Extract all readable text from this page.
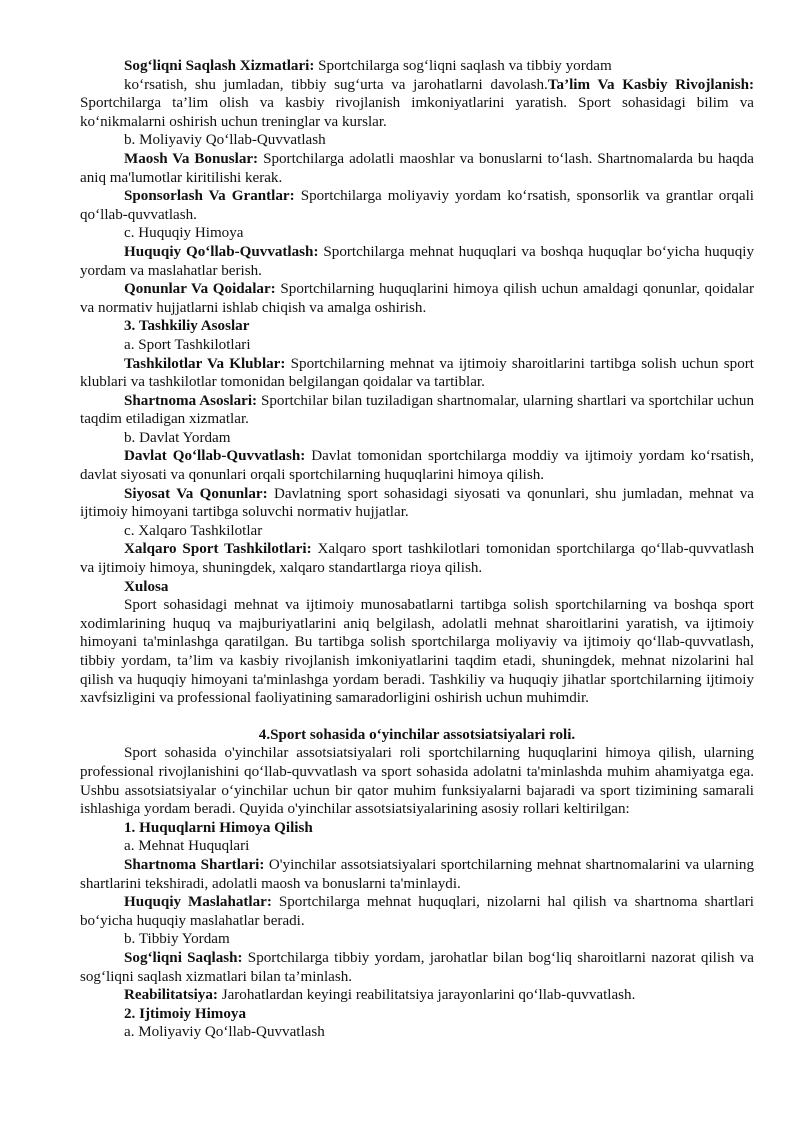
Sog‘liqni Saqlash Xizmatlari: Sportchilarga sog‘liqni saqlash va tibbiy yordam

ko‘rsatish, shu jumladan, tibbiy sug‘urta va jarohatlarni davolash.Ta’lim Va Kasbiy Rivojlanish: Sportchilarga ta’lim olish va kasbiy rivojlanish imkoniyatlarini yaratish. Sport sohasidagi bilim va ko‘nikmalarni oshirish uchun treninglar va kurslar.

b. Moliyaviy Qo‘llab-Quvvatlash

Maosh Va Bonuslar: Sportchilarga adolatli maoshlar va bonuslarni to‘lash. Shartnomalarda bu haqda aniq ma'lumotlar kiritilishi kerak.

Sponsorlash Va Grantlar: Sportchilarga moliyaviy yordam ko‘rsatish, sponsorlik va grantlar orqali qo‘llab-quvvatlash.

c. Huquqiy Himoya

Huquqiy Qo‘llab-Quvvatlash: Sportchilarga mehnat huquqlari va boshqa huquqlar bo‘yicha huquqiy yordam va maslahatlar berish.

Qonunlar Va Qoidalar: Sportchilarning huquqlarini himoya qilish uchun amaldagi qonunlar, qoidalar va normativ hujjatlarni ishlab chiqish va amalga oshirish.

3. Tashkiliy Asoslar

a. Sport Tashkilotlari

Tashkilotlar Va Klublar: Sportchilarning mehnat va ijtimoiy sharoitlarini tartibga solish uchun sport klublari va tashkilotlar tomonidan belgilangan qoidalar va tartiblar.

Shartnoma Asoslari: Sportchilar bilan tuziladigan shartnomalar, ularning shartlari va sportchilar uchun taqdim etiladigan xizmatlar.

b. Davlat Yordam

Davlat Qo‘llab-Quvvatlash: Davlat tomonidan sportchilarga moddiy va ijtimoiy yordam ko‘rsatish, davlat siyosati va qonunlari orqali sportchilarning huquqlarini himoya qilish.

Siyosat Va Qonunlar: Davlatning sport sohasidagi siyosati va qonunlari, shu jumladan, mehnat va ijtimoiy himoyani tartibga soluvchi normativ hujjatlar.

c. Xalqaro Tashkilotlar

Xalqaro Sport Tashkilotlari: Xalqaro sport tashkilotlari tomonidan sportchilarga qo‘llab-quvvatlash va ijtimoiy himoya, shuningdek, xalqaro standartlarga rioya qilish.

Xulosa

Sport sohasidagi mehnat va ijtimoiy munosabatlarni tartibga solish sportchilarning va boshqa sport xodimlarining huquq va majburiyatlarini aniq belgilash, adolatli mehnat sharoitlarini yaratish, va ijtimoiy himoyani ta'minlashga qaratilgan. Bu tartibga solish sportchilarga moliyaviy va ijtimoiy qo‘llab-quvvatlash, tibbiy yordam, ta’lim va kasbiy rivojlanish imkoniyatlarini taqdim etadi, shuningdek, mehnat nizolarini hal qilish va huquqiy himoyani ta'minlashga yordam beradi. Tashkiliy va huquqiy jihatlar sportchilarning ijtimoiy xavfsizligini va professional faoliyatining samaradorligini oshirish uchun muhimdir.

4.Sport sohasida o‘yinchilar assotsiatsiyalari roli.

Sport sohasida o'yinchilar assotsiatsiyalari roli sportchilarning huquqlarini himoya qilish, ularning professional rivojlanishini qo‘llab-quvvatlash va sport sohasida adolatni ta'minlashda muhim ahamiyatga ega. Ushbu assotsiatsiyalar o‘yinchilar uchun bir qator muhim funksiyalarni bajaradi va sport tizimining samarali ishlashiga yordam beradi. Quyida o'yinchilar assotsiatsiyalarining asosiy rollari keltirilgan:

1. Huquqlarni Himoya Qilish

a. Mehnat Huquqlari

Shartnoma Shartlari: O'yinchilar assotsiatsiyalari sportchilarning mehnat shartnomalarini va ularning shartlarini tekshiradi, adolatli maosh va bonuslarni ta'minlaydi.

Huquqiy Maslahatlar: Sportchilarga mehnat huquqlari, nizolarni hal qilish va shartnoma shartlari bo‘yicha huquqiy maslahatlar beradi.

b. Tibbiy Yordam

Sog‘liqni Saqlash: Sportchilarga tibbiy yordam, jarohatlar bilan bog‘liq sharoitlarni nazorat qilish va sog‘liqni saqlash xizmatlari bilan ta’minlash.

Reabilitatsiya: Jarohatlardan keyingi reabilitatsiya jarayonlarini qo‘llab-quvvatlash.

2. Ijtimoiy Himoya

a. Moliyaviy Qo‘llab-Quvvatlash
